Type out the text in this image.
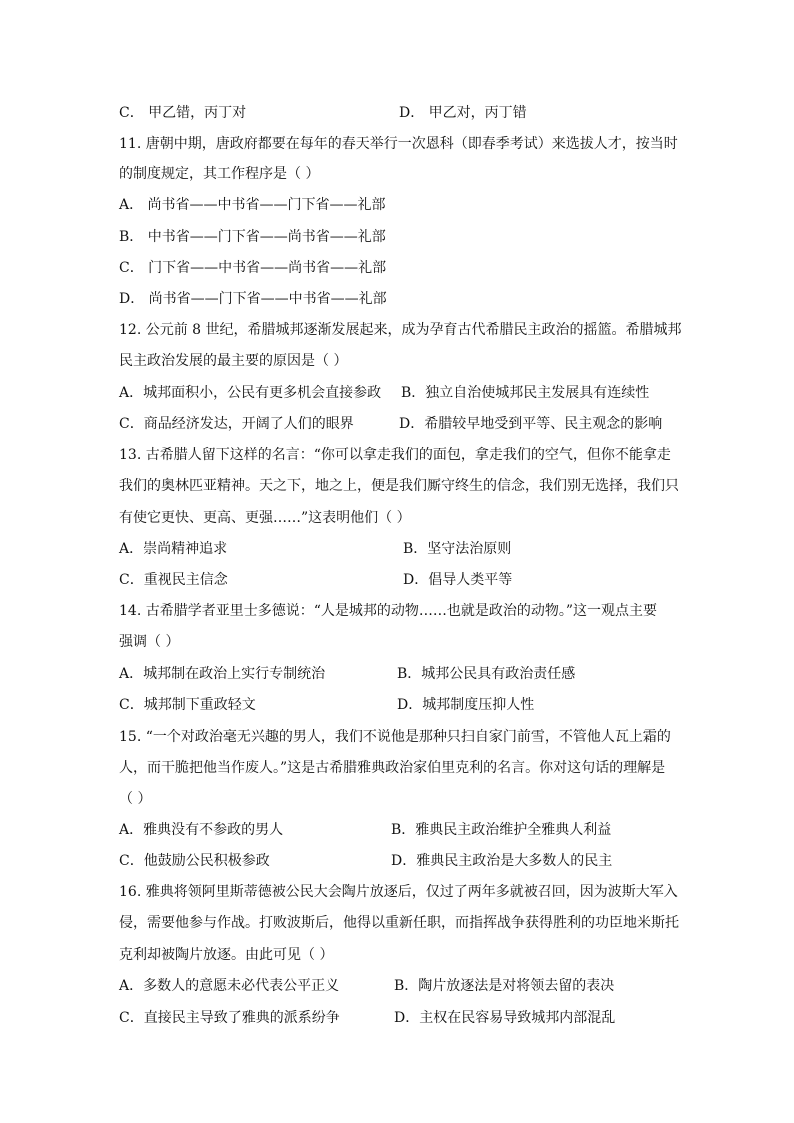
C． 甲乙错，丙丁对	D． 甲乙对，丙丁错
11. 唐朝中期，唐政府都要在每年的春天举行一次恩科（即春季考试）来选拔人才，按当时
的制度规定，其工作程序是（ ）
A． 尚书省——中书省——门下省——礼部
B． 中书省——门下省——尚书省——礼部
C． 门下省——中书省——尚书省——礼部
D． 尚书省——门下省——中书省——礼部
12. 公元前 8 世纪，希腊城邦逐渐发展起来，成为孕育古代希腊民主政治的摇篮。希腊城邦
民主政治发展的最主要的原因是（ ）
A．城邦面积小，公民有更多机会直接参政 B．独立自治使城邦民主发展具有连续性
C．商品经济发达，开阔了人们的眼界	D．希腊较早地受到平等、民主观念的影响
13. 古希腊人留下这样的名言：“你可以拿走我们的面包，拿走我们的空气，但你不能拿走
我们的奥林匹亚精神。天之下，地之上，便是我们厮守终生的信念，我们别无选择，我们只
有使它更快、更高、更强……”这表明他们（ ）
A．崇尚精神追求	B．坚守法治原则
C．重视民主信念	D．倡导人类平等
14. 古希腊学者亚里士多德说：“人是城邦的动物……也就是政治的动物。”这一观点主要
强调（ ）
A．城邦制在政治上实行专制统治	B．城邦公民具有政治责任感
C．城邦制下重政轻文	D．城邦制度压抑人性
15. “一个对政治毫无兴趣的男人，我们不说他是那种只扫自家门前雪，不管他人瓦上霜的
人，而干脆把他当作废人。”这是古希腊雅典政治家伯里克利的名言。你对这句话的理解是
（ ）
A．雅典没有不参政的男人	B．雅典民主政治维护全雅典人利益
C．他鼓励公民积极参政	D．雅典民主政治是大多数人的民主
16. 雅典将领阿里斯蒂德被公民大会陶片放逐后，仅过了两年多就被召回，因为波斯大军入
侵，需要他参与作战。打败波斯后，他得以重新任职，而指挥战争获得胜利的功臣地米斯托
克利却被陶片放逐。由此可见（ ）
A．多数人的意愿未必代表公平正义	B．陶片放逐法是对将领去留的表决
C．直接民主导致了雅典的派系纷争	D．主权在民容易导致城邦内部混乱
